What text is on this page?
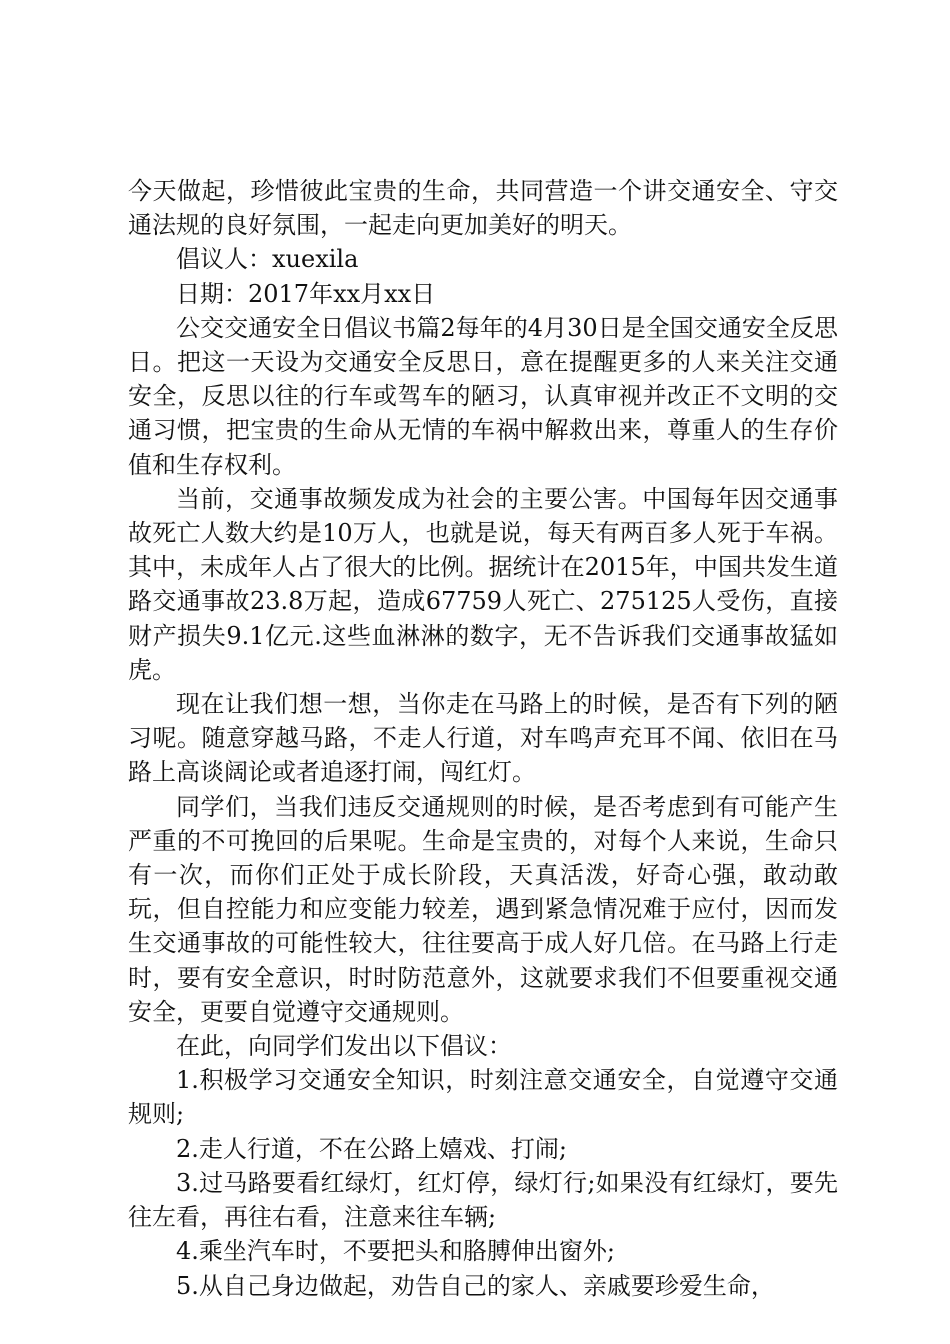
今天做起，珍惜彼此宝贵的生命，共同营造一个讲交通安全、守交通法规的良好氛围，一起走向更加美好的明天。

倡议人：xuexila

日期：2017年xx月xx日

公交交通安全日倡议书篇2每年的4月30日是全国交通安全反思日。把这一天设为交通安全反思日，意在提醒更多的人来关注交通安全，反思以往的行车或驾车的陋习，认真审视并改正不文明的交通习惯，把宝贵的生命从无情的车祸中解救出来，尊重人的生存价值和生存权利。

当前，交通事故频发成为社会的主要公害。中国每年因交通事故死亡人数大约是10万人，也就是说，每天有两百多人死于车祸。其中，未成年人占了很大的比例。据统计在2015年，中国共发生道路交通事故23.8万起，造成67759人死亡、275125人受伤，直接财产损失9.1亿元.这些血淋淋的数字，无不告诉我们交通事故猛如虎。

现在让我们想一想，当你走在马路上的时候，是否有下列的陋习呢。随意穿越马路，不走人行道，对车鸣声充耳不闻、依旧在马路上高谈阔论或者追逐打闹，闯红灯。

同学们，当我们违反交通规则的时候，是否考虑到有可能产生严重的不可挽回的后果呢。生命是宝贵的，对每个人来说，生命只有一次，而你们正处于成长阶段，天真活泼，好奇心强，敢动敢玩，但自控能力和应变能力较差，遇到紧急情况难于应付，因而发生交通事故的可能性较大，往往要高于成人好几倍。在马路上行走时，要有安全意识，时时防范意外，这就要求我们不但要重视交通安全，更要自觉遵守交通规则。

在此，向同学们发出以下倡议：

1.积极学习交通安全知识，时刻注意交通安全，自觉遵守交通规则;

2.走人行道，不在公路上嬉戏、打闹;

3.过马路要看红绿灯，红灯停，绿灯行;如果没有红绿灯，要先往左看，再往右看，注意来往车辆;

4.乘坐汽车时，不要把头和胳膊伸出窗外;

5.从自己身边做起，劝告自己的家人、亲戚要珍爱生命，
